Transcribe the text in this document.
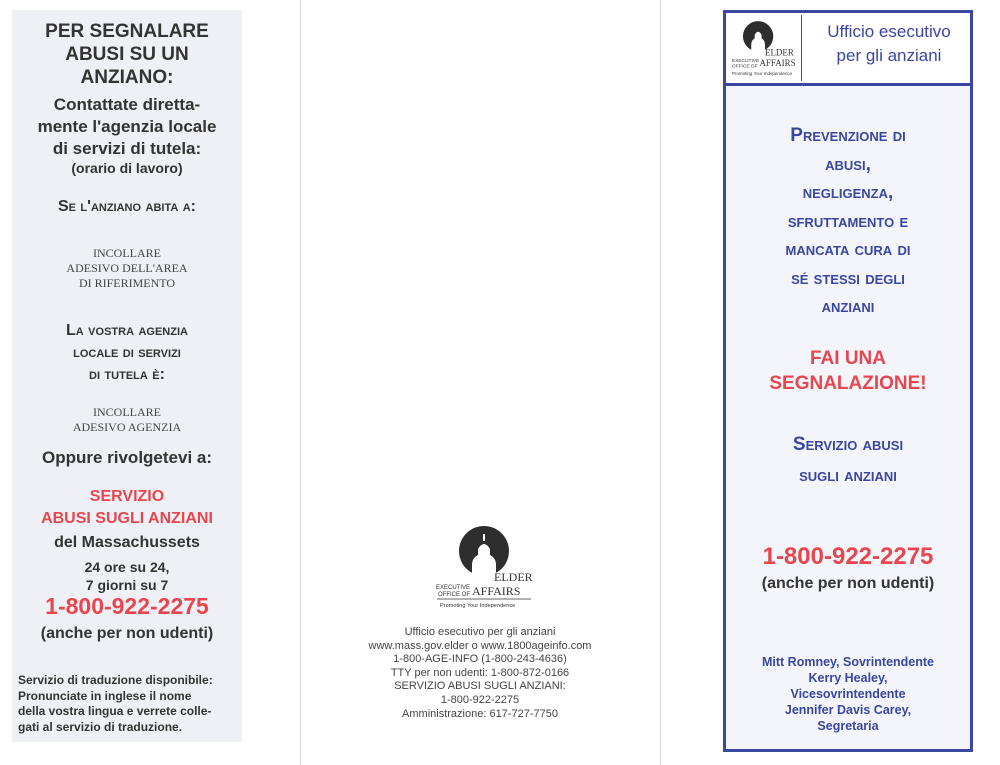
PER SEGNALARE
ABUSI SU UN
ANZIANO:
Contattate diretta-
mente l'agenzia locale
di servizi di tutela:
(orario di lavoro)
Se l'anziano abita a:
INCOLLARE
ADESIVO DELL'AREA
DI RIFERIMENTO
La vostra agenzia
locale di servizi
di tutela è:
INCOLLARE
ADESIVO AGENZIA
Oppure rivolgetevi a:
SERVIZIO
ABUSI SUGLI ANZIANI
del Massachussets
24 ore su 24,
7 giorni su 7
1-800-922-2275
(anche per non udenti)
Servizio di traduzione disponibile:
Pronunciate in inglese il nome
della vostra lingua e verrete colle-
gati al servizio di traduzione.
ELDER
EXECUTIVE
OFFICE OF AFFAIRS
Promoting Your Independence
Ufficio esecutivo per gli anziani
www.mass.gov.elder o www.1800ageinfo.com
1-800-AGE-INFO (1-800-243-4636)
TTY per non udenti: 1-800-872-0166
SERVIZIO ABUSI SUGLI ANZIANI:
1-800-922-2275
Amministrazione: 617-727-7750
ELDER
EXECUTIVE
OFFICE OF AFFAIRS
Promoting Your Independence
Ufficio esecutivo
per gli anziani
Prevenzione di
abusi,
negligenza,
sfruttamento e
mancata cura di
sé stessi degli
anziani
FAI UNA
SEGNALAZIONE!
Servizio abusi
sugli anziani
1-800-922-2275
(anche per non udenti)
Mitt Romney, Sovrintendente
Kerry Healey,
Vicesovrintendente
Jennifer Davis Carey,
Segretaria
